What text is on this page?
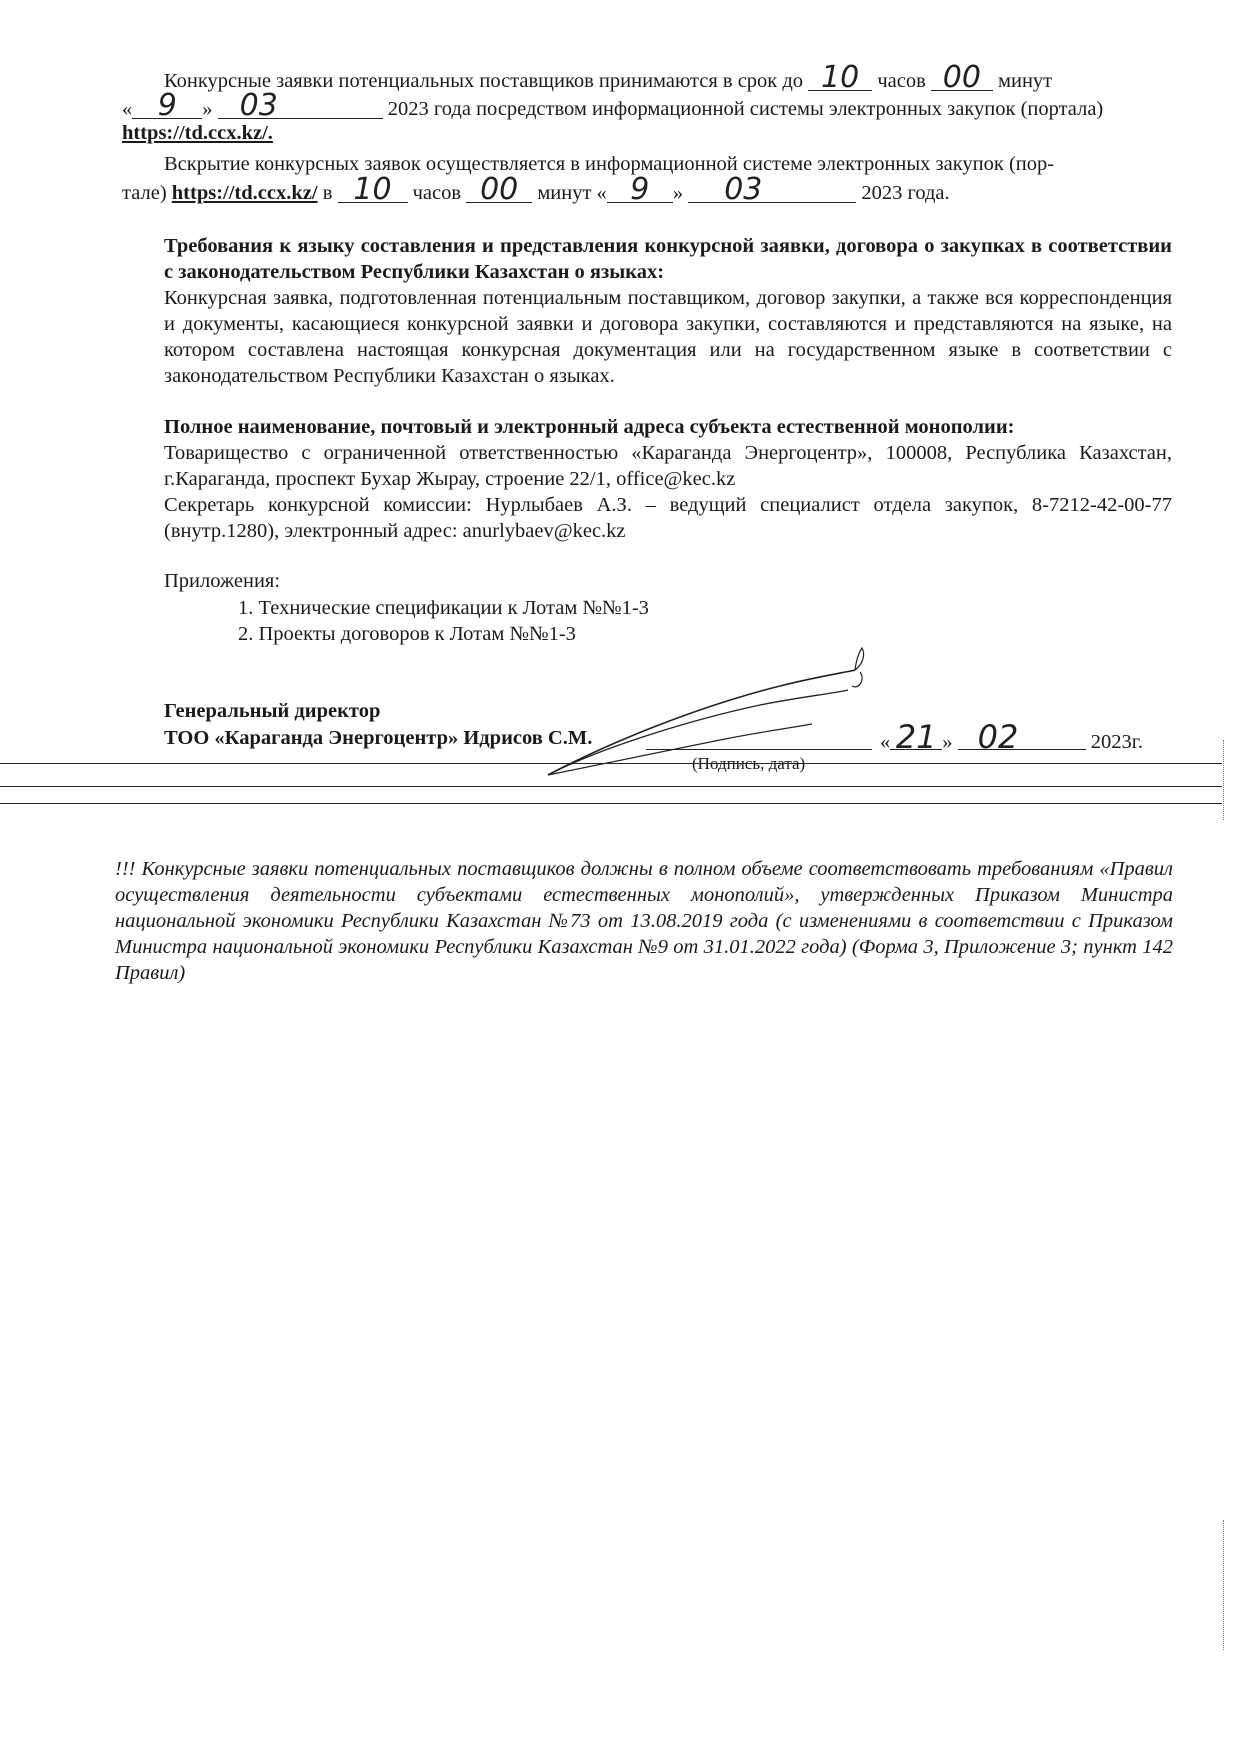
Конкурсные заявки потенциальных поставщиков принимаются в срок до 10 часов 00 минут
« 9 » 03	2023 года посредством информационной системы электронных закупок (портала)
https://td.ccx.kz/.
Вскрытие конкурсных заявок осуществляется в информационной системе электронных закупок (пор-
тале) https://td.ccx.kz/ в 10 часов 00 минут « 9 » 03	2023 года.
Требования к языку составления и представления конкурсной заявки, договора о закупках в соответствии с законодательством Республики Казахстан о языках:
Конкурсная заявка, подготовленная потенциальным поставщиком, договор закупки, а также вся корреспонденция и документы, касающиеся конкурсной заявки и договора закупки, составляются и представляются на языке, на котором составлена настоящая конкурсная документация или на государственном языке в соответствии с законодательством Республики Казахстан о языках.
Полное наименование, почтовый и электронный адреса субъекта естественной монополии:
Товарищество с ограниченной ответственностью «Караганда Энергоцентр», 100008, Республика Казахстан, г.Караганда, проспект Бухар Жырау, строение 22/1, office@kec.kz
Секретарь конкурсной комиссии: Нурлыбаев А.З. – ведущий специалист отдела закупок, 8-7212-42-00-77 (внутр.1280), электронный адрес: anurlybaev@kec.kz
Приложения:
1. Технические спецификации к Лотам №№1-3
2. Проекты договоров к Лотам №№1-3
Генеральный директор
ТОО «Караганда Энергоцентр» Идрисов С.М.	« 21 » 02	2023г.
(Подпись, дата)
!!! Конкурсные заявки потенциальных поставщиков должны в полном объеме соответствовать требованиям «Правил осуществления деятельности субъектами естественных монополий», утвержденных Приказом Министра национальной экономики Республики Казахстан №73 от 13.08.2019 года (с изменениями в соответствии с Приказом Министра национальной экономики Республики Казахстан №9 от 31.01.2022 года) (Форма 3, Приложение 3; пункт 142 Правил)
